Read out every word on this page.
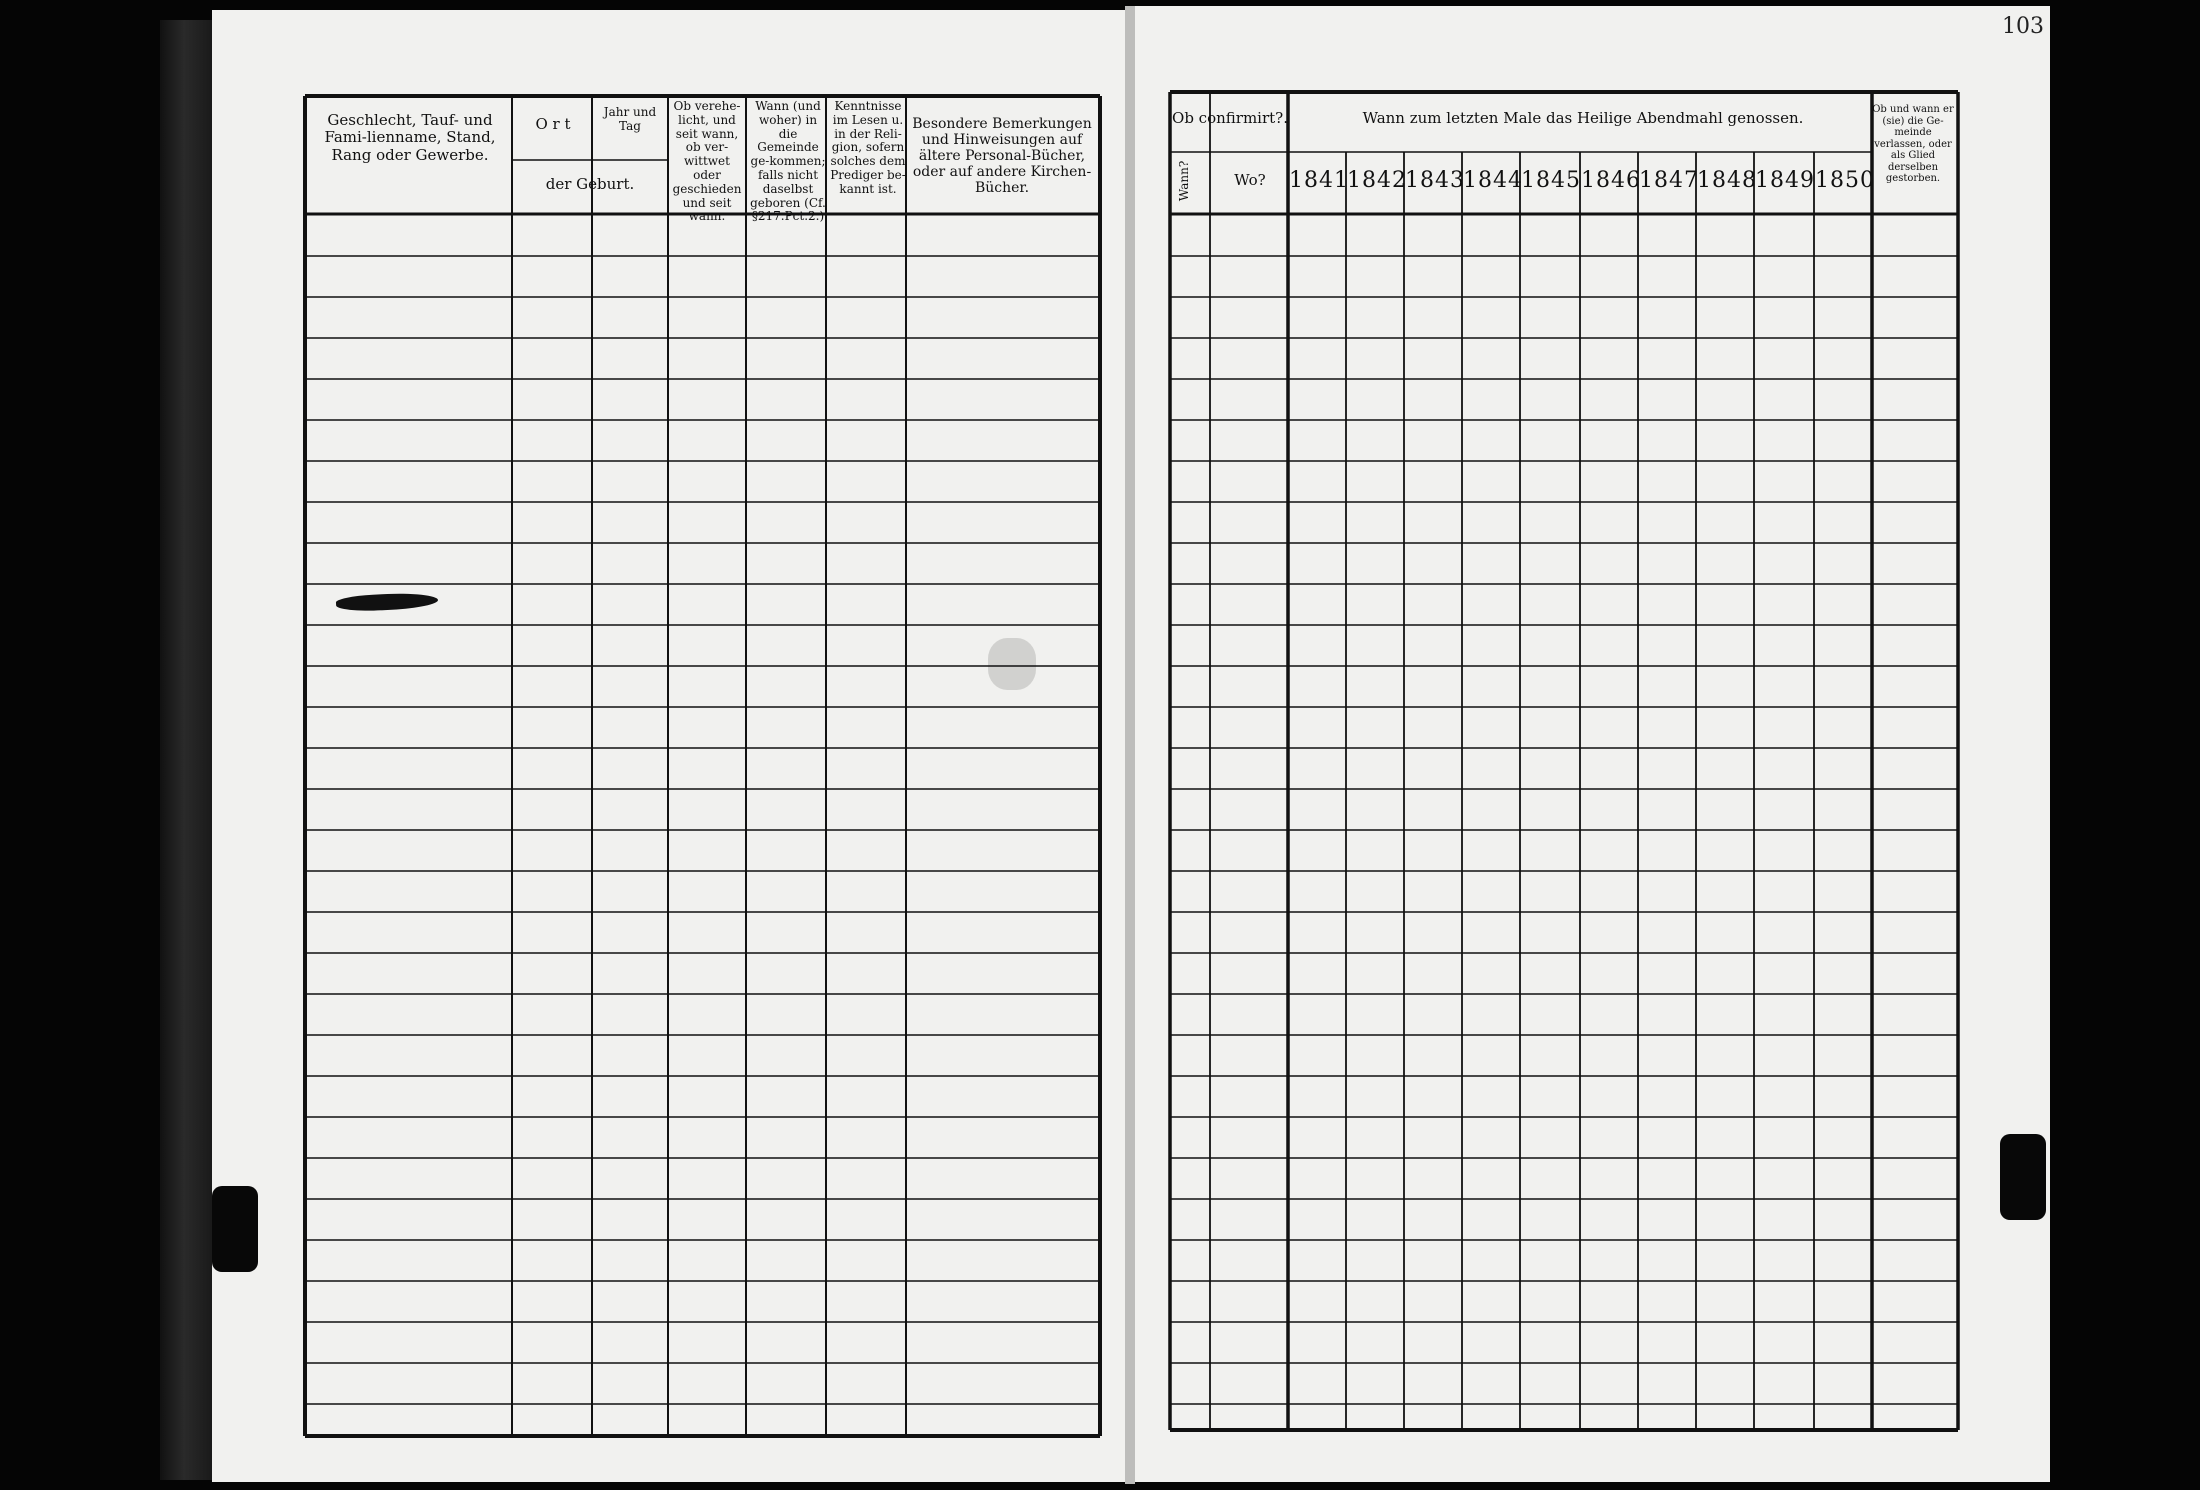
103
Geschlecht, Tauf- und Fami-lienname, Stand, Rang oder Gewerbe.
O r t
Jahr und Tag
der Geburt.
Ob verehe-licht, und seit wann, ob ver-wittwet oder geschieden und seit wann.
Wann (und woher) in die Gemeinde ge-kommen; falls nicht daselbst geboren (Cf. §217.Pct.2.)
Kenntnisse im Lesen u. in der Reli-gion, sofern solches dem Prediger be-kannt ist.
Besondere Bemerkungen und Hinweisungen auf ältere Personal-Bücher, oder auf andere Kirchen-Bücher.
Ob confirmirt?.
Wann?	Wo?
Wann zum letzten Male das Heilige Abendmahl genossen.	Ob und wann er (sie) die Ge-meinde verlassen, oder als Glied derselben gestorben.
1841
1842
1843
1844
1845 1846
1847
1848
1849 1850
